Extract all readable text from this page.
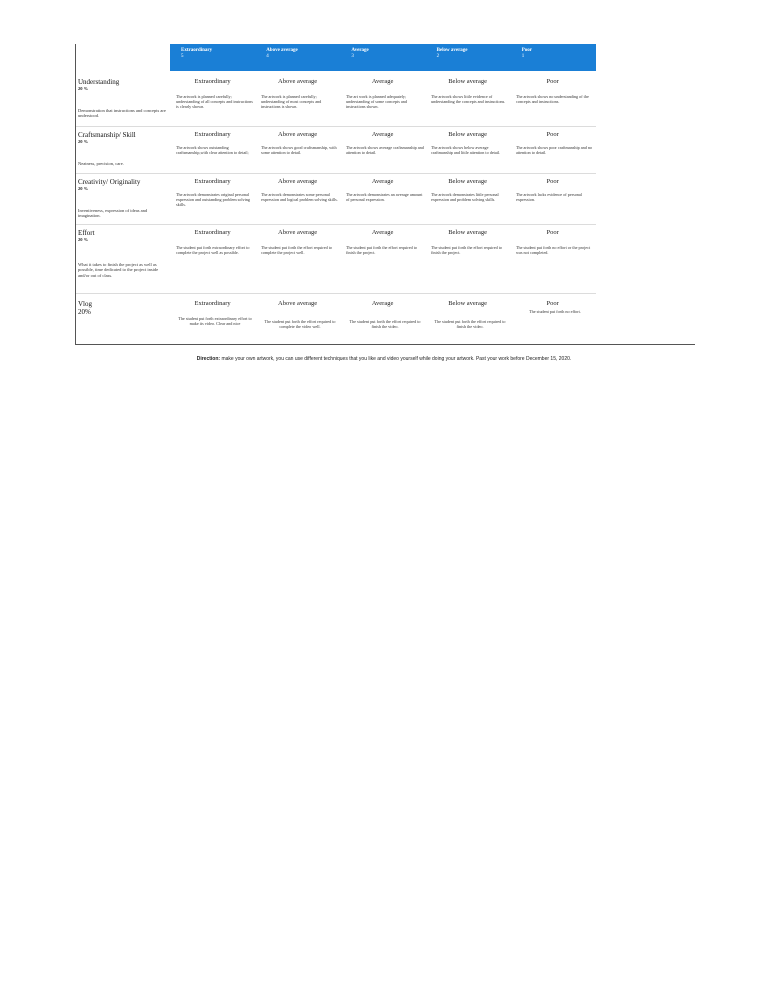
Extraordinary
5
Above average
4
Average
3
Below average
2
Poor
1
Understanding
20 %
Demonstration that instructions and concepts are understood.
Extraordinary
The artwork is planned carefully; understanding of all concepts and instructions is clearly shown.
Above average
The artwork is planned carefully; understanding of most concepts and instructions is shown.
Average
The art work is planned adequately; understanding of some concepts and instructions shown.
Below average
The artwork shows little evidence of understanding the concepts and instructions.
Poor
The artwork shows no understanding of the concepts and instructions.
Craftsmanship/ Skill
20 %
Neatness, precision, care.
Extraordinary
The artwork shows outstanding craftsmanship,with clear attention to detail;
Above average
The artwork shows good craftsmanship, with some attention to detail.
Average
The artwork shows average craftsmanship and attention to detail.
Below average
The artwork shows below average craftmanship and little attention to detail.
Poor
The artwork shows poor craftmanship and no attention to detail.
Creativity/ Originality
20 %
Inventiveness, expression of ideas and imagination.
Extraordinary
The artwork demonstrates original personal expression and outstanding problem solving skills.
Above average
The artwork demonstrates some personal expression and logical problem solving skills.
Average
The artwork demonstrates an average amount of personal expression.
Below average
The artwork demonstrates little personal expression and problem solving skills.
Poor
The artwork lacks evidence of personal expression.
Effort
20 %
What it takes to finish the project as well as possible, time dedicated to the project inside and/or out of class.
Extraordinary
The student put forth extraordinary effort to complete the project well as possible.
Above average
The student put forth the effort required to complete the project well.
Average
The student put forth the effort required to finish the project.
Below average
The student put forth the effort required to finish the project.
Poor
The student put forth no effort or the project was not completed.
Vlog
20%
Extraordinary
The student put forth extraordinary effort to make its video. Clear and nice
Above average
The student put forth the effort required to complete the video well.
Average
The student put forth the effort required to finish the video.
Below average
The student put forth the effort required to finish the video.
Poor
The student put forth no effort.
Direction: make your own artwork, you can use different techniques that you like and video yourself while doing your artwork. Past your work before December 15, 2020.
